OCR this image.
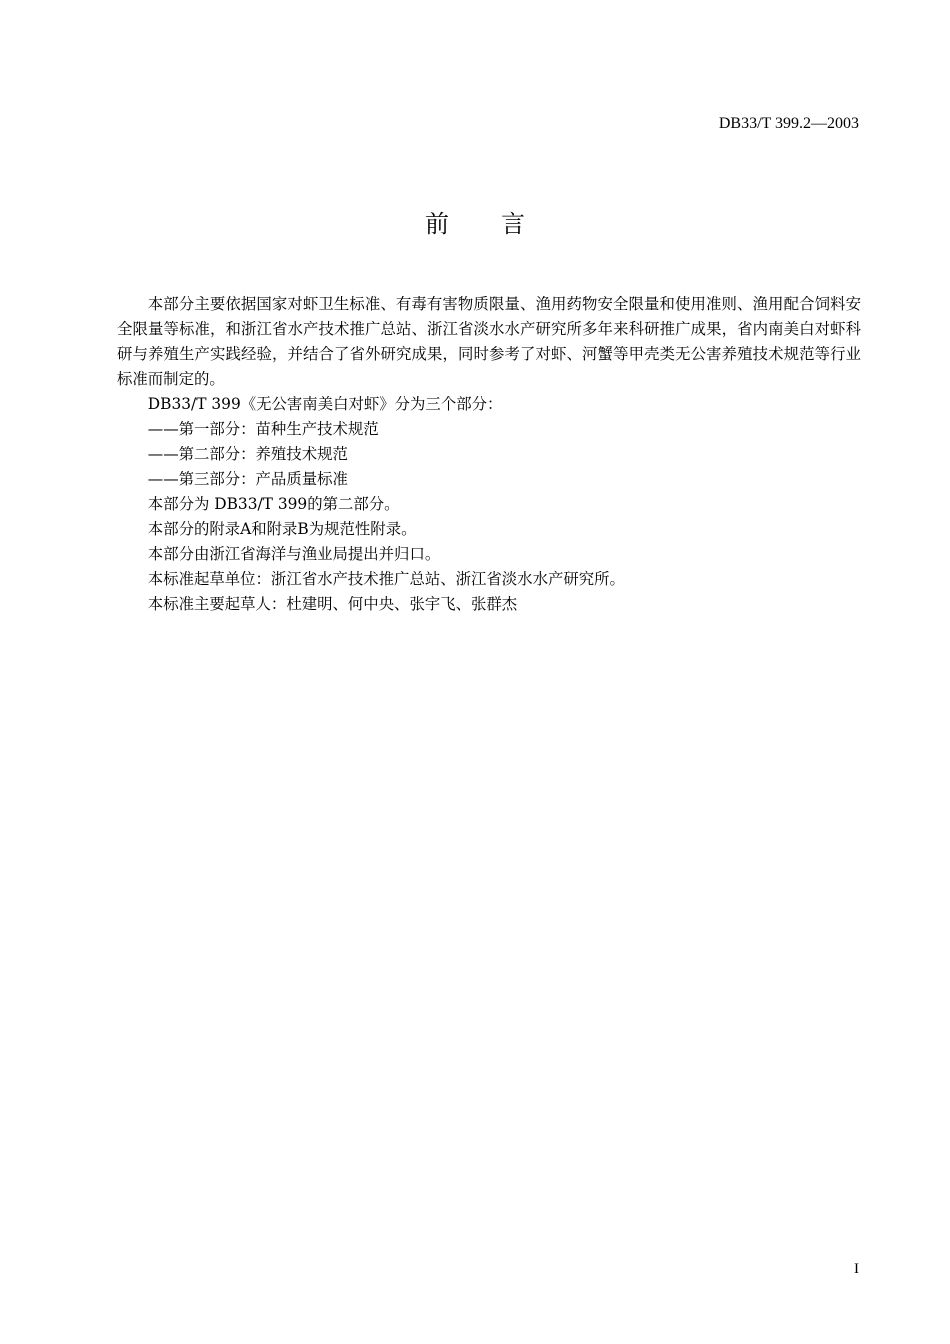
DB33/T 399.2—2003
前言

本部分主要依据国家对虾卫生标准、有毒有害物质限量、渔用药物安全限量和使用准则、渔用配合饲料安全限量等标准，和浙江省水产技术推广总站、浙江省淡水水产研究所多年来科研推广成果，省内南美白对虾科研与养殖生产实践经验，并结合了省外研究成果，同时参考了对虾、河蟹等甲壳类无公害养殖技术规范等行业标准而制定的。

DB33/T 399《无公害南美白对虾》分为三个部分：

——第一部分：苗种生产技术规范

——第二部分：养殖技术规范

——第三部分：产品质量标准

本部分为 DB33/T 399的第二部分。

本部分的附录A和附录B为规范性附录。

本部分由浙江省海洋与渔业局提出并归口。

本标准起草单位：浙江省水产技术推广总站、浙江省淡水水产研究所。

本标准主要起草人：杜建明、何中央、张宇飞、张群杰

I
